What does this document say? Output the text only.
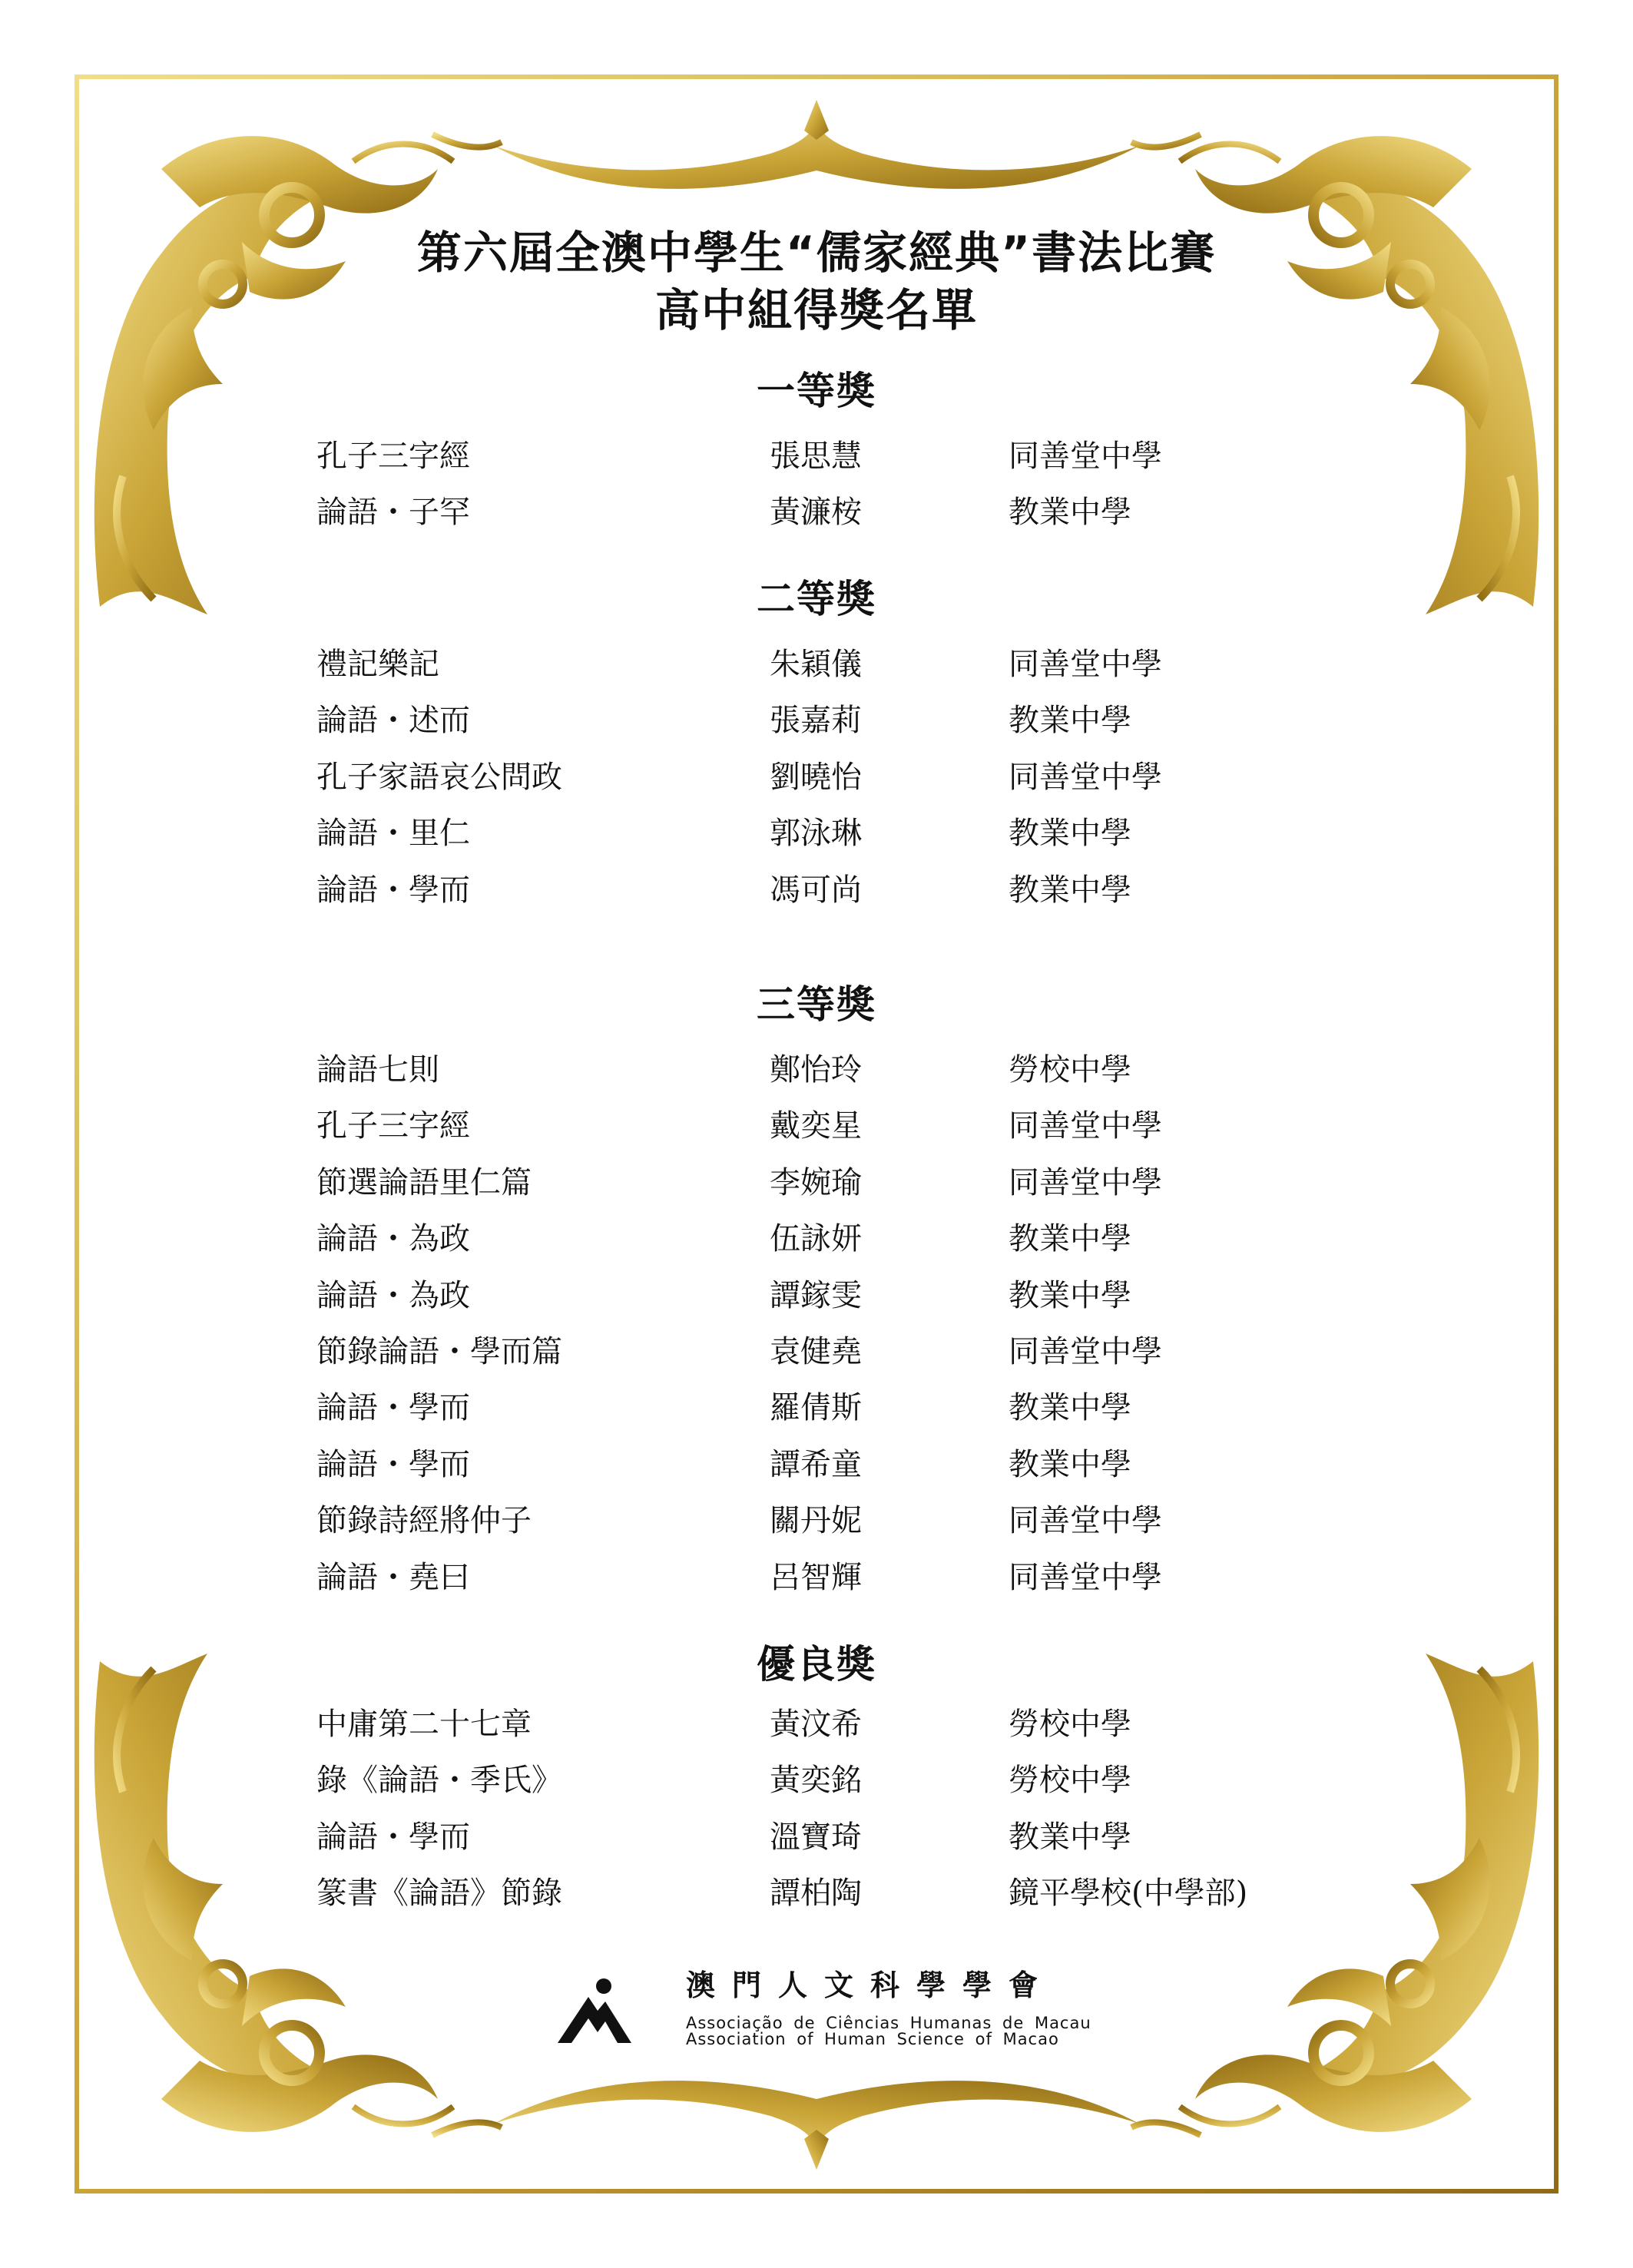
第六屆全澳中學生“儒家經典”書法比賽
高中組得獎名單
一等獎
孔子三字經	張思慧	同善堂中學
論語・子罕	黃濂桉	教業中學
二等獎
禮記樂記	朱穎儀	同善堂中學
論語・述而	張嘉莉	教業中學
孔子家語哀公問政	劉曉怡	同善堂中學
論語・里仁	郭泳琳	教業中學
論語・學而	馮可尚	教業中學
三等獎
論語七則	鄭怡玲	勞校中學
孔子三字經	戴奕星	同善堂中學
節選論語里仁篇	李婉瑜	同善堂中學
論語・為政	伍詠妍	教業中學
論語・為政	譚鎵雯	教業中學
節錄論語・學而篇	袁健堯	同善堂中學
論語・學而	羅倩斯	教業中學
論語・學而	譚希童	教業中學
節錄詩經將仲子	關丹妮	同善堂中學
論語・堯曰	呂智輝	同善堂中學
優良獎
中庸第二十七章	黃汶希	勞校中學
錄《論語・季氏》	黃奕銘	勞校中學
論語・學而	溫寶琦	教業中學
篆書《論語》節錄	譚柏陶	鏡平學校(中學部)
澳門人文科學學會
Associação de Ciências Humanas de Macau
Association of Human Science of Macao
